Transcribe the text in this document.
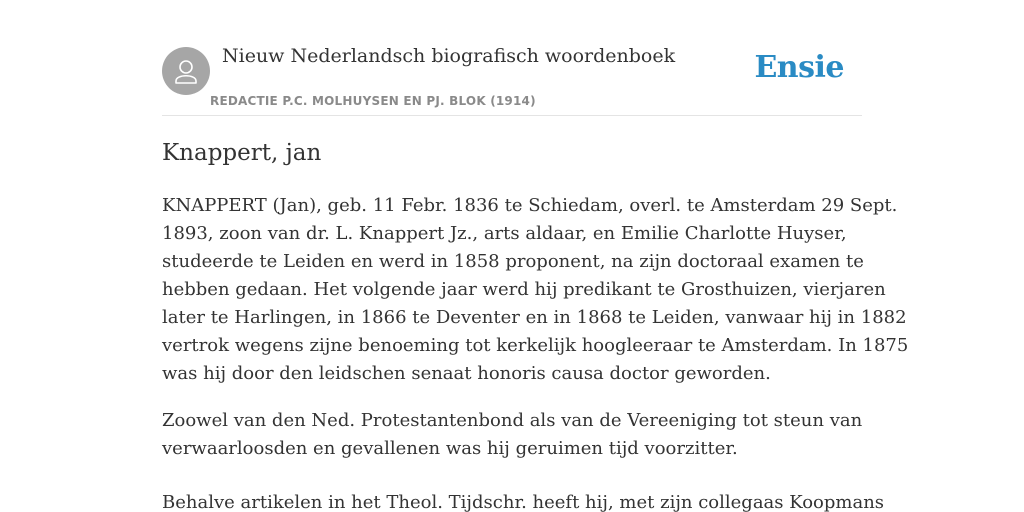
Nieuw Nederlandsch biografisch woordenboek
REDACTIE P.C. MOLHUYSEN EN PJ. BLOK (1914)
Ensie
Knappert, jan

KNAPPERT (Jan), geb. 11 Febr. 1836 te Schiedam, overl. te Amsterdam 29 Sept.
1893, zoon van dr. L. Knappert Jz., arts aldaar, en Emilie Charlotte Huyser,
studeerde te Leiden en werd in 1858 proponent, na zijn doctoraal examen te
hebben gedaan. Het volgende jaar werd hij predikant te Grosthuizen, vierjaren
later te Harlingen, in 1866 te Deventer en in 1868 te Leiden, vanwaar hij in 1882
vertrok wegens zijne benoeming tot kerkelijk hoogleeraar te Amsterdam. In 1875
was hij door den leidschen senaat honoris causa doctor geworden.

Zoowel van den Ned. Protestantenbond als van de Vereeniging tot steun van
verwaarloosden en gevallenen was hij geruimen tijd voorzitter.

Behalve artikelen in het Theol. Tijdschr. heeft hij, met zijn collegaas Koopmans
